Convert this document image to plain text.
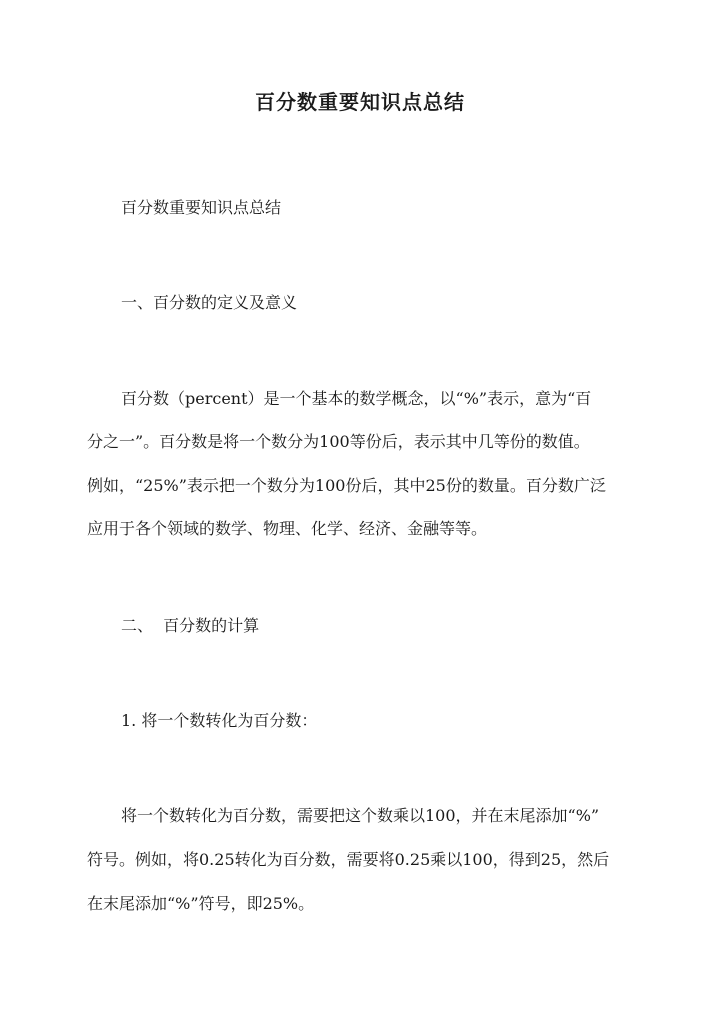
百分数重要知识点总结

百分数重要知识点总结

一、百分数的定义及意义

百分数（percent）是一个基本的数学概念，以“%”表示，意为“百

分之一”。百分数是将一个数分为100等份后，表示其中几等份的数值。

例如，“25%”表示把一个数分为100份后，其中25份的数量。百分数广泛

应用于各个领域的数学、物理、化学、经济、金融等等。

二、  百分数的计算

1. 将一个数转化为百分数：

将一个数转化为百分数，需要把这个数乘以100，并在末尾添加“%”

符号。例如，将0.25转化为百分数，需要将0.25乘以100，得到25，然后

在末尾添加“%”符号，即25%。
